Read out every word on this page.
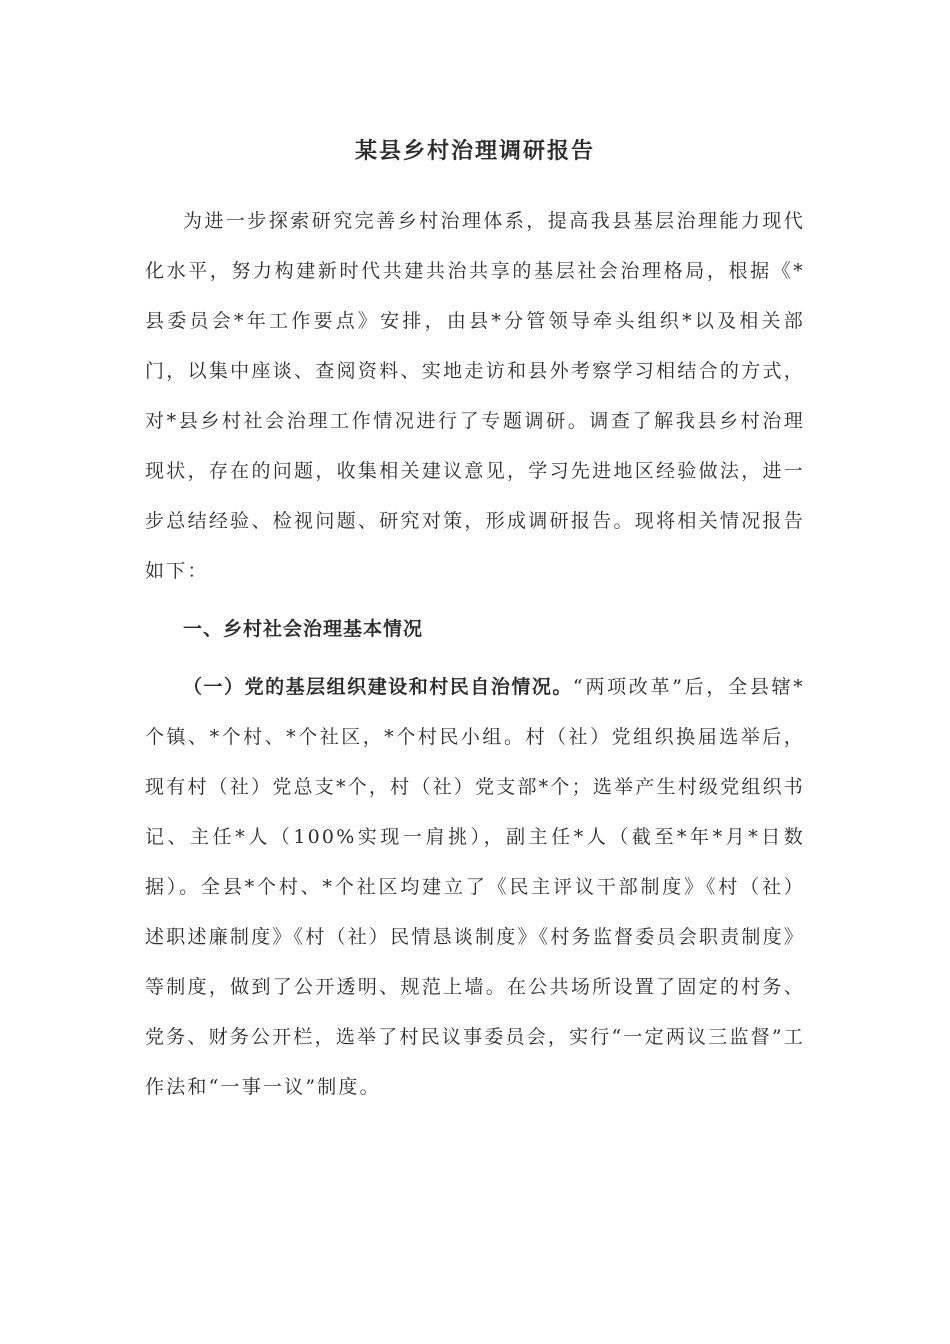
某县乡村治理调研报告

为进一步探索研究完善乡村治理体系，提高我县基层治理能力现代化水平，努力构建新时代共建共治共享的基层社会治理格局，根据《*县委员会*年工作要点》安排，由县*分管领导牵头组织*以及相关部门，以集中座谈、查阅资料、实地走访和县外考察学习相结合的方式，对*县乡村社会治理工作情况进行了专题调研。调查了解我县乡村治理现状，存在的问题，收集相关建议意见，学习先进地区经验做法，进一步总结经验、检视问题、研究对策，形成调研报告。现将相关情况报告如下：

一、乡村社会治理基本情况

（一）党的基层组织建设和村民自治情况。“两项改革”后，全县辖*个镇、*个村、*个社区，*个村民小组。村（社）党组织换届选举后，现有村（社）党总支*个，村（社）党支部*个；选举产生村级党组织书记、主任*人（100%实现一肩挑），副主任*人（截至*年*月*日数据）。全县*个村、*个社区均建立了《民主评议干部制度》《村（社）述职述廉制度》《村（社）民情恳谈制度》《村务监督委员会职责制度》等制度，做到了公开透明、规范上墙。在公共场所设置了固定的村务、党务、财务公开栏，选举了村民议事委员会，实行“一定两议三监督”工作法和“一事一议”制度。
